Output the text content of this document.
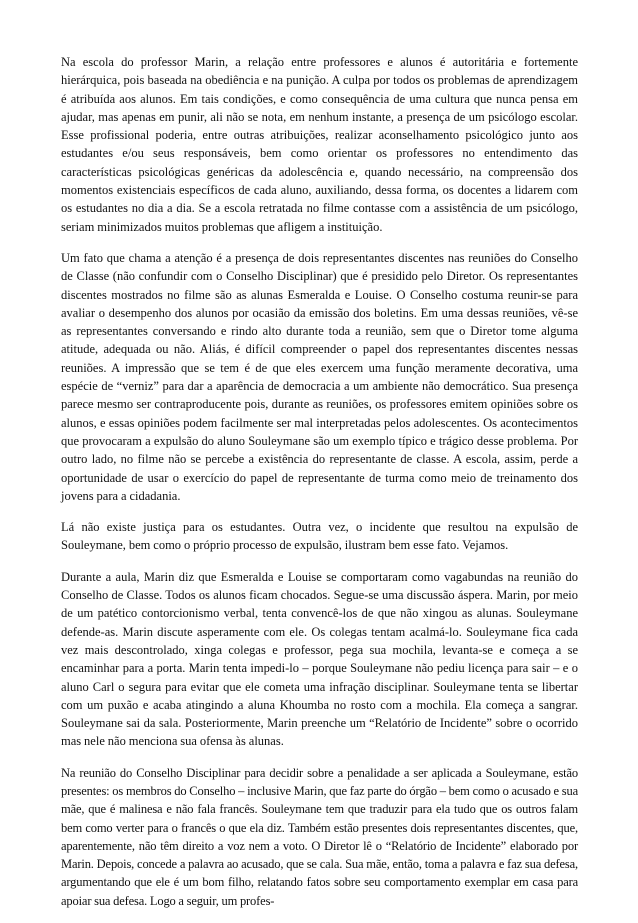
Na escola do professor Marin, a relação entre professores e alunos é autoritária e fortemente hierárquica, pois baseada na obediência e na punição. A culpa por todos os problemas de aprendizagem é atribuída aos alunos. Em tais condições, e como consequência de uma cultura que nunca pensa em ajudar, mas apenas em punir, ali não se nota, em nenhum instante, a presença de um psicólogo escolar. Esse profissional poderia, entre outras atribuições, realizar aconselhamento psicológico junto aos estudantes e/ou seus responsáveis, bem como orientar os professores no entendimento das características psicológicas genéricas da adolescência e, quando necessário, na compreensão dos momentos existenciais específicos de cada aluno, auxiliando, dessa forma, os docentes a lidarem com os estudantes no dia a dia. Se a escola retratada no filme contasse com a assistência de um psicólogo, seriam minimizados muitos problemas que afligem a instituição.

Um fato que chama a atenção é a presença de dois representantes discentes nas reuniões do Conselho de Classe (não confundir com o Conselho Disciplinar) que é presidido pelo Diretor. Os representantes discentes mostrados no filme são as alunas Esmeralda e Louise. O Conselho costuma reunir-se para avaliar o desempenho dos alunos por ocasião da emissão dos boletins. Em uma dessas reuniões, vê-se as representantes conversando e rindo alto durante toda a reunião, sem que o Diretor tome alguma atitude, adequada ou não. Aliás, é difícil compreender o papel dos representantes discentes nessas reuniões. A impressão que se tem é de que eles exercem uma função meramente decorativa, uma espécie de “verniz” para dar a aparência de democracia a um ambiente não democrático. Sua presença parece mesmo ser contraproducente pois, durante as reuniões, os professores emitem opiniões sobre os alunos, e essas opiniões podem facilmente ser mal interpretadas pelos adolescentes. Os acontecimentos que provocaram a expulsão do aluno Souleymane são um exemplo típico e trágico desse problema. Por outro lado, no filme não se percebe a existência do representante de classe. A escola, assim, perde a oportunidade de usar o exercício do papel de representante de turma como meio de treinamento dos jovens para a cidadania.

Lá não existe justiça para os estudantes. Outra vez, o incidente que resultou na expulsão de Souleymane, bem como o próprio processo de expulsão, ilustram bem esse fato. Vejamos.

Durante a aula, Marin diz que Esmeralda e Louise se comportaram como vagabundas na reunião do Conselho de Classe. Todos os alunos ficam chocados. Segue-se uma discussão áspera. Marin, por meio de um patético contorcionismo verbal, tenta convencê-los de que não xingou as alunas. Souleymane defende-as. Marin discute asperamente com ele. Os colegas tentam acalmá-lo. Souleymane fica cada vez mais descontrolado, xinga colegas e professor, pega sua mochila, levanta-se e começa a se encaminhar para a porta. Marin tenta impedi-lo – porque Souleymane não pediu licença para sair – e o aluno Carl o segura para evitar que ele cometa uma infração disciplinar. Souleymane tenta se libertar com um puxão e acaba atingindo a aluna Khoumba no rosto com a mochila. Ela começa a sangrar. Souleymane sai da sala. Posteriormente, Marin preenche um “Relatório de Incidente” sobre o ocorrido mas nele não menciona sua ofensa às alunas.

Na reunião do Conselho Disciplinar para decidir sobre a penalidade a ser aplicada a Souleymane, estão presentes: os membros do Conselho – inclusive Marin, que faz parte do órgão – bem como o acusado e sua mãe, que é malinesa e não fala francês. Souleymane tem que traduzir para ela tudo que os outros falam bem como verter para o francês o que ela diz. Também estão presentes dois representantes discentes, que, aparentemente, não têm direito a voz nem a voto. O Diretor lê o “Relatório de Incidente” elaborado por Marin. Depois, concede a palavra ao acusado, que se cala. Sua mãe, então, toma a palavra e faz sua defesa, argumentando que ele é um bom filho, relatando fatos sobre seu comportamento exemplar em casa para apoiar sua defesa. Logo a seguir, um profes-
